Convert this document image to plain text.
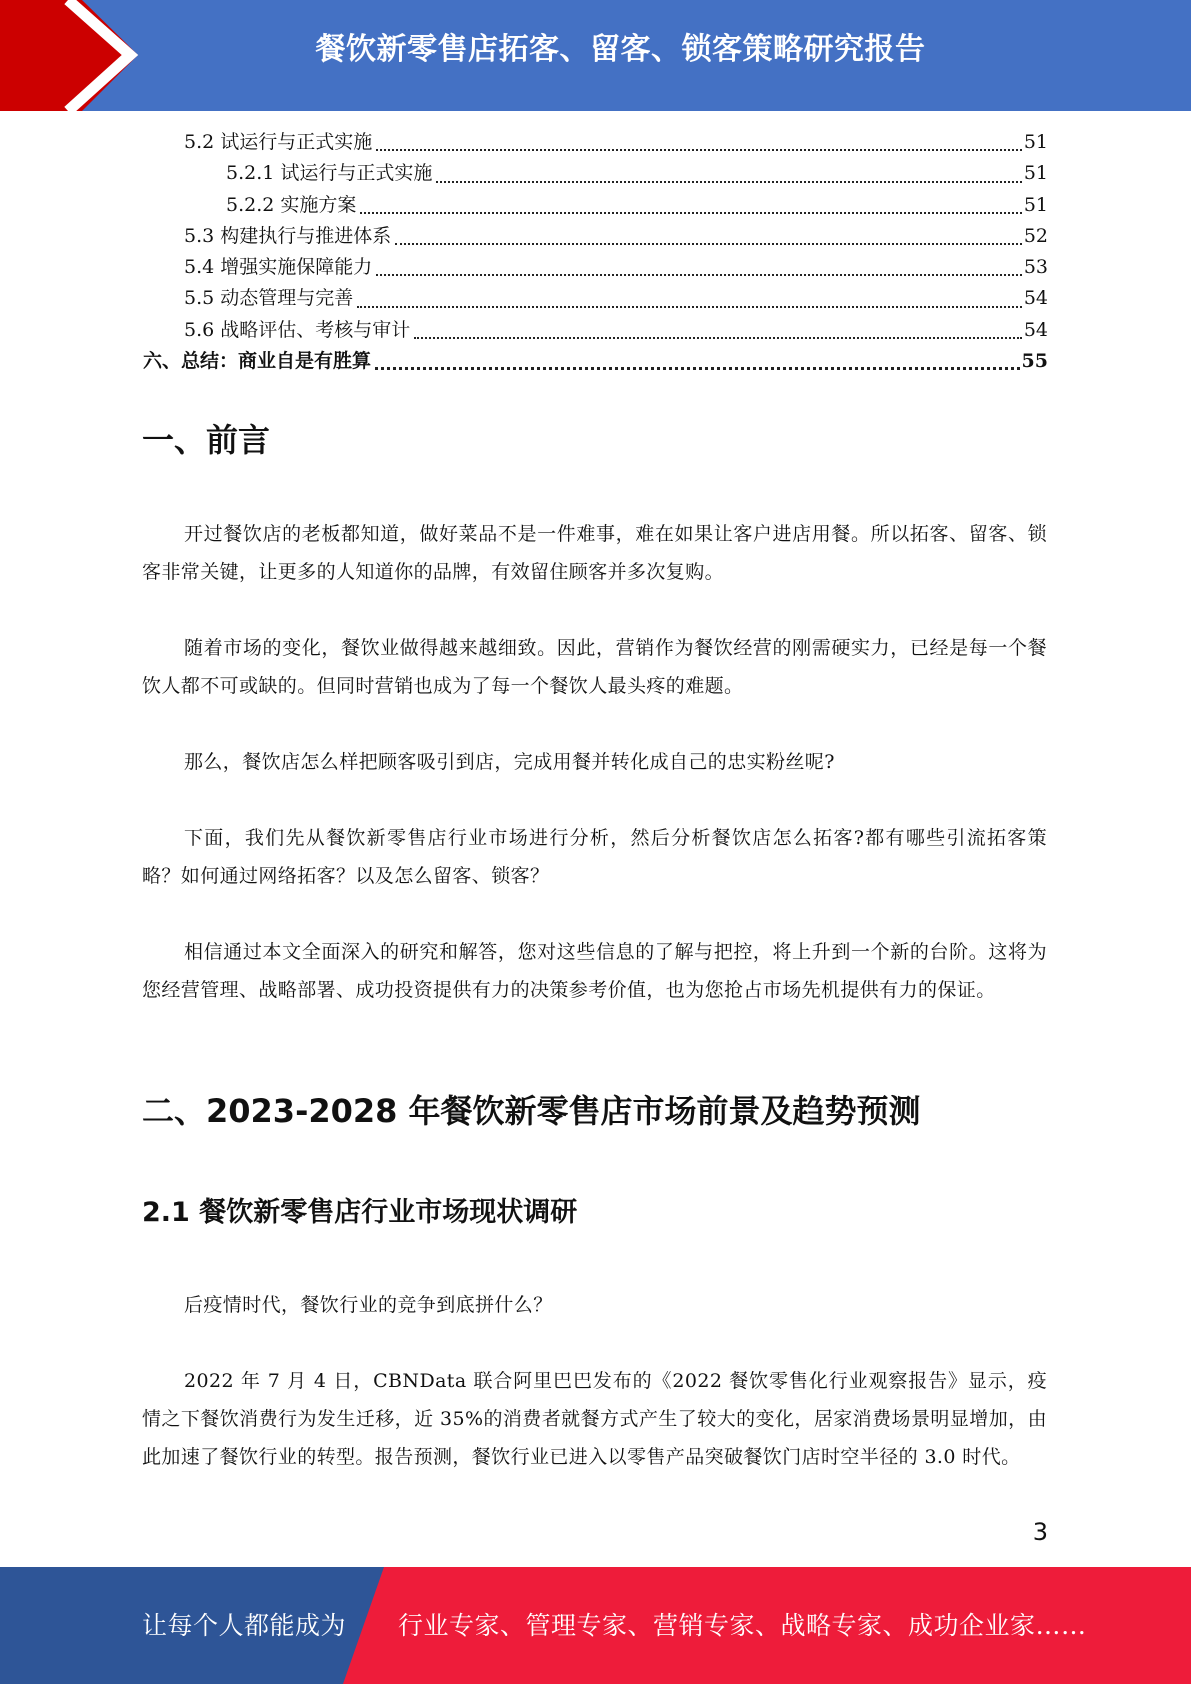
餐饮新零售店拓客、留客、锁客策略研究报告
5.2 试运行与正式实施	51
5.2.1 试运行与正式实施	51
5.2.2 实施方案	51
5.3 构建执行与推进体系	52
5.4 增强实施保障能力	53
5.5 动态管理与完善	54
5.6 战略评估、考核与审计	54
六、总结：商业自是有胜算	55
一、前言

开过餐饮店的老板都知道，做好菜品不是一件难事，难在如果让客户进店用餐。所以拓客、留客、锁客非常关键，让更多的人知道你的品牌，有效留住顾客并多次复购。

随着市场的变化，餐饮业做得越来越细致。因此，营销作为餐饮经营的刚需硬实力，已经是每一个餐饮人都不可或缺的。但同时营销也成为了每一个餐饮人最头疼的难题。

那么，餐饮店怎么样把顾客吸引到店，完成用餐并转化成自己的忠实粉丝呢?

下面，我们先从餐饮新零售店行业市场进行分析，然后分析餐饮店怎么拓客?都有哪些引流拓客策略？如何通过网络拓客？以及怎么留客、锁客？

相信通过本文全面深入的研究和解答，您对这些信息的了解与把控，将上升到一个新的台阶。这将为您经营管理、战略部署、成功投资提供有力的决策参考价值，也为您抢占市场先机提供有力的保证。

二、2023-2028 年餐饮新零售店市场前景及趋势预测
2.1 餐饮新零售店行业市场现状调研

后疫情时代，餐饮行业的竞争到底拼什么？

2022 年 7 月 4 日，CBNData 联合阿里巴巴发布的《2022 餐饮零售化行业观察报告》显示，疫情之下餐饮消费行为发生迁移，近 35%的消费者就餐方式产生了较大的变化，居家消费场景明显增加，由此加速了餐饮行业的转型。报告预测，餐饮行业已进入以零售产品突破餐饮门店时空半径的 3.0 时代。

3
让每个人都能成为 行业专家、管理专家、营销专家、战略专家、成功企业家……
